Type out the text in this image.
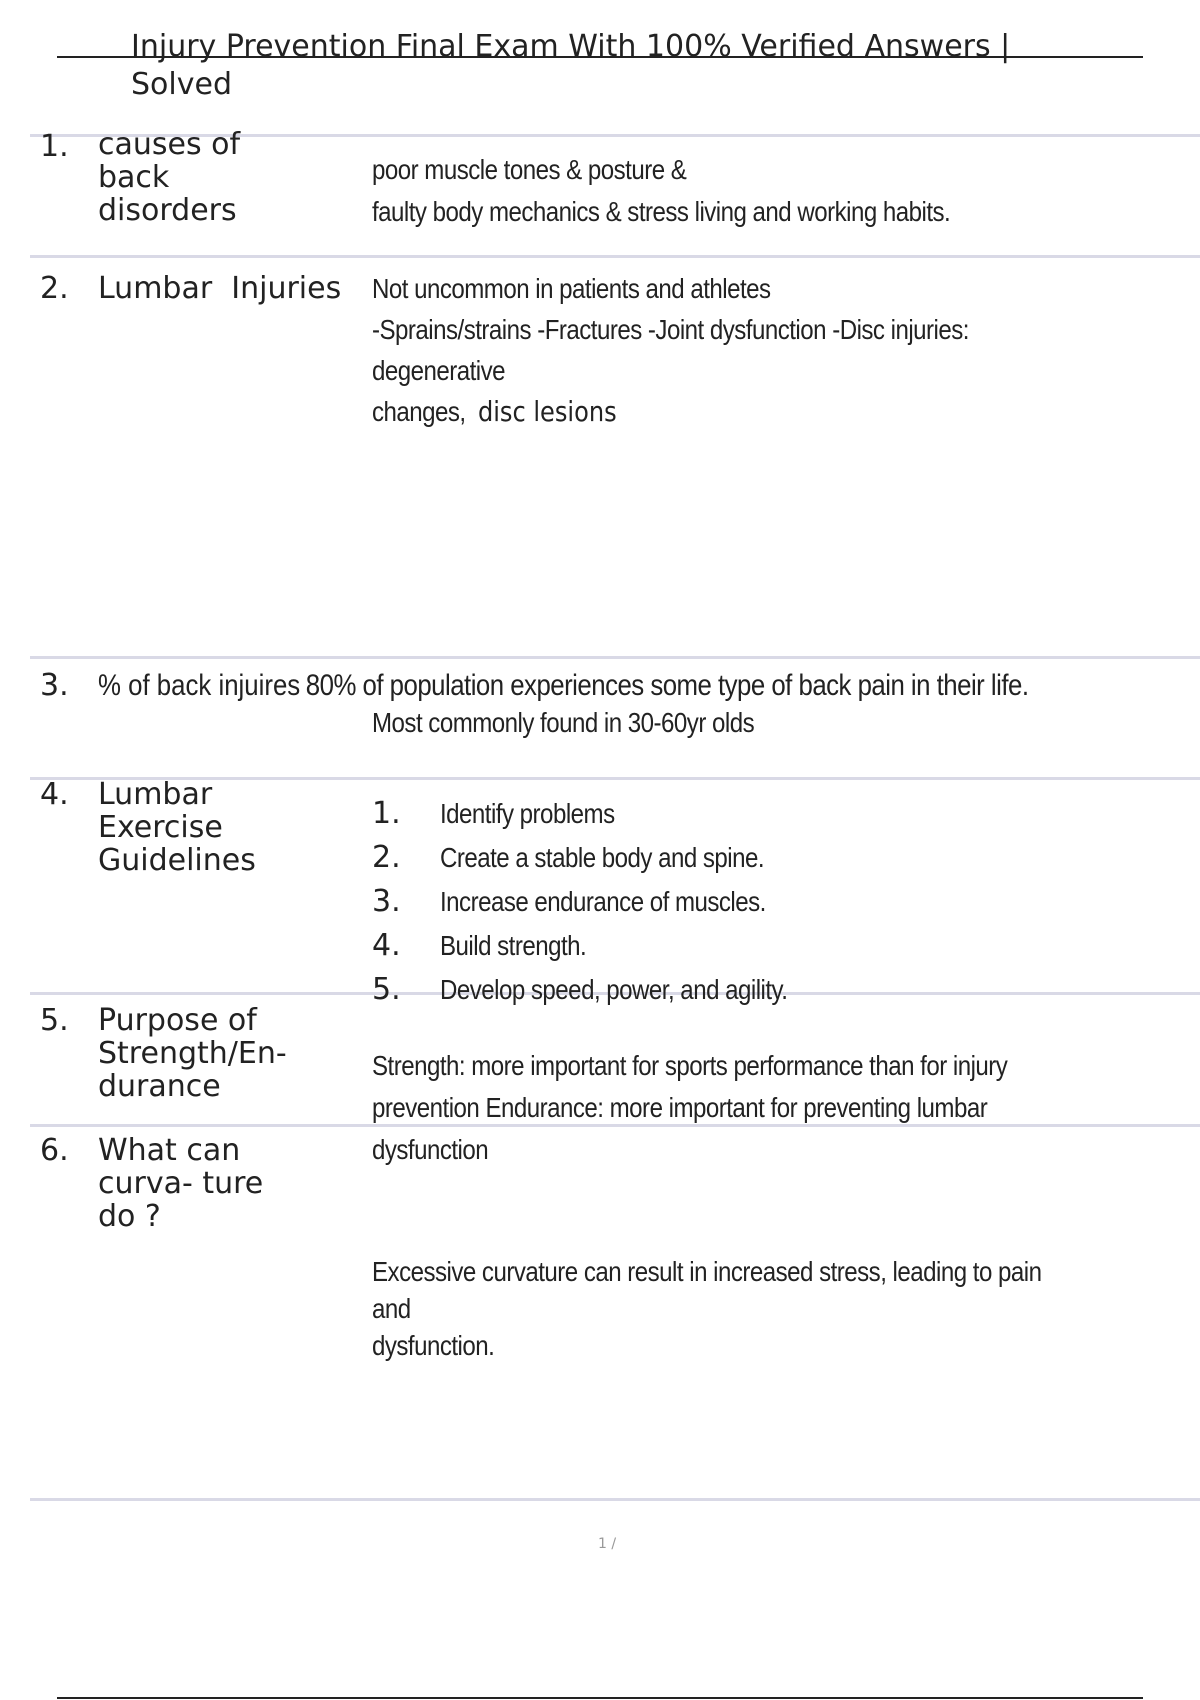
Injury Prevention Final Exam With 100% Verified Answers | Solved
1. causes of back disorders

poor muscle tones & posture &

faulty body mechanics & stress living and working habits.

2. Lumbar  Injuries	Not uncommon in patients and athletes

-Sprains/strains -Fractures -Joint dysfunction -Disc injuries: degenerative

changes, disc lesions

3. % of back injuires 80% of population experiences some type of back pain in their life.

Most commonly found in 30-60yr olds

4. Lumbar Exercise Guidelines
1. Identify problems
2. Create a stable body and spine.
3. Increase endurance of muscles.
4. Build strength.
5. Develop speed, power, and agility.
5. Purpose of Strength/En- durance

Strength: more important for sports performance than for injury

prevention Endurance: more important for preventing lumbar

dysfunction

6. What can curva- ture do ?

Excessive curvature can result in increased stress, leading to pain and

dysfunction.

1 /
